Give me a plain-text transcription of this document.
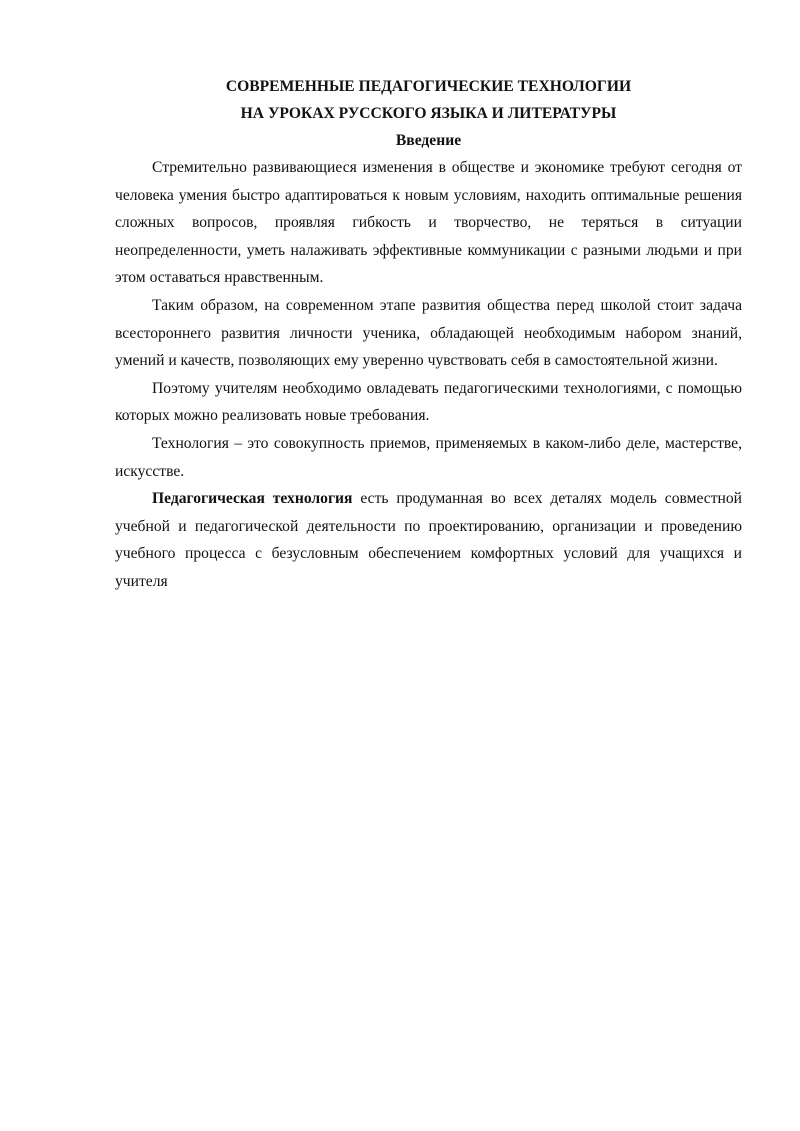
СОВРЕМЕННЫЕ ПЕДАГОГИЧЕСКИЕ ТЕХНОЛОГИИ

НА УРОКАХ РУССКОГО ЯЗЫКА И ЛИТЕРАТУРЫ

Введение

Стремительно развивающиеся изменения в обществе и экономике требуют сегодня от человека умения быстро адаптироваться к новым условиям, находить оптимальные решения сложных вопросов, проявляя гибкость и творчество, не теряться в ситуации неопределенности, уметь налаживать эффективные коммуникации с разными людьми и при этом оставаться нравственным.

Таким образом, на современном этапе развития общества перед школой стоит задача всестороннего развития личности ученика, обладающей необходимым набором знаний, умений и качеств, позволяющих ему уверенно чувствовать себя в самостоятельной жизни.

Поэтому учителям необходимо овладевать педагогическими технологиями, с помощью которых можно реализовать новые требования.

Технология – это совокупность приемов, применяемых в каком-либо деле, мастерстве, искусстве.

Педагогическая технология есть продуманная во всех деталях модель совместной учебной и педагогической деятельности по проектированию, организации и проведению учебного процесса с безусловным обеспечением комфортных условий для учащихся и учителя
